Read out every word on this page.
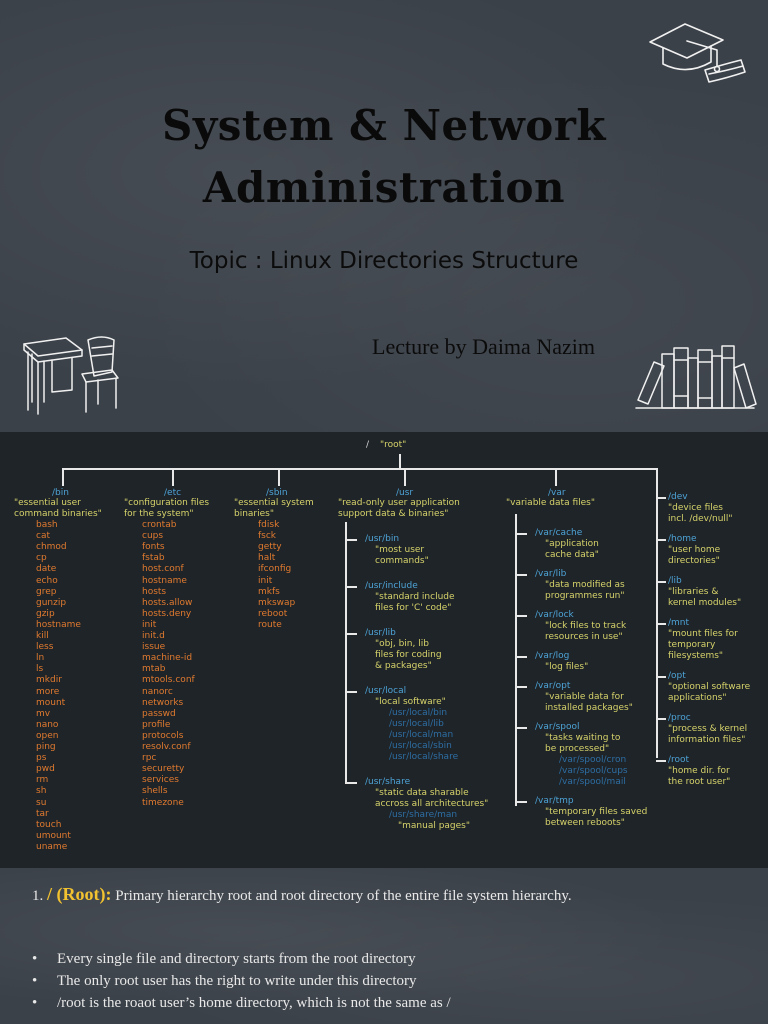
System & Network
Administration
Topic : Linux Directories Structure
Lecture by Daima Nazim
/ "root"
/bin
"essential user
command binaries"
bash
cat
chmod
cp
date
echo
grep
gunzip
gzip
hostname
kill
less
ln
ls
mkdir
more
mount
mv
nano
open
ping
ps
pwd
rm
sh
su
tar
touch
umount
uname
/etc
"configuration files
for the system"
crontab
cups
fonts
fstab
host.conf
hostname
hosts
hosts.allow
hosts.deny
init
init.d
issue
machine-id
mtab
mtools.conf
nanorc
networks
passwd
profile
protocols
resolv.conf
rpc
securetty
services
shells
timezone
/sbin
"essential system
binaries"
fdisk
fsck
getty
halt
ifconfig
init
mkfs
mkswap
reboot
route
/usr
"read-only user application
support data & binaries"
/usr/bin
"most user
commands"
/usr/include
"standard include
files for 'C' code"
/usr/lib
"obj, bin, lib
files for coding
& packages"
/usr/local
"local software"
/usr/local/bin
/usr/local/lib
/usr/local/man
/usr/local/sbin
/usr/local/share
/usr/share
"static data sharable
accross all architectures"
/usr/share/man
"manual pages"
/var
"variable data files"
/var/cache
"application
cache data"
/var/lib
"data modified as
programmes run"
/var/lock
"lock files to track
resources in use"
/var/log
"log files"
/var/opt
"variable data for
installed packages"
/var/spool
"tasks waiting to
be processed"
/var/spool/cron
/var/spool/cups
/var/spool/mail
/var/tmp
"temporary files saved
between reboots"
/dev
"device files
incl. /dev/null"
/home
"user home
directories"
/lib
"libraries &
kernel modules"
/mnt
"mount files for
temporary
filesystems"
/opt
"optional software
applications"
/proc
"process & kernel
information files"
/root
"home dir. for
the root user"
1. / (Root): Primary hierarchy root and root directory of the entire file system hierarchy.
• Every single file and directory starts from the root directory
• The only root user has the right to write under this directory
• /root is the roaot user’s home directory, which is not the same as /
